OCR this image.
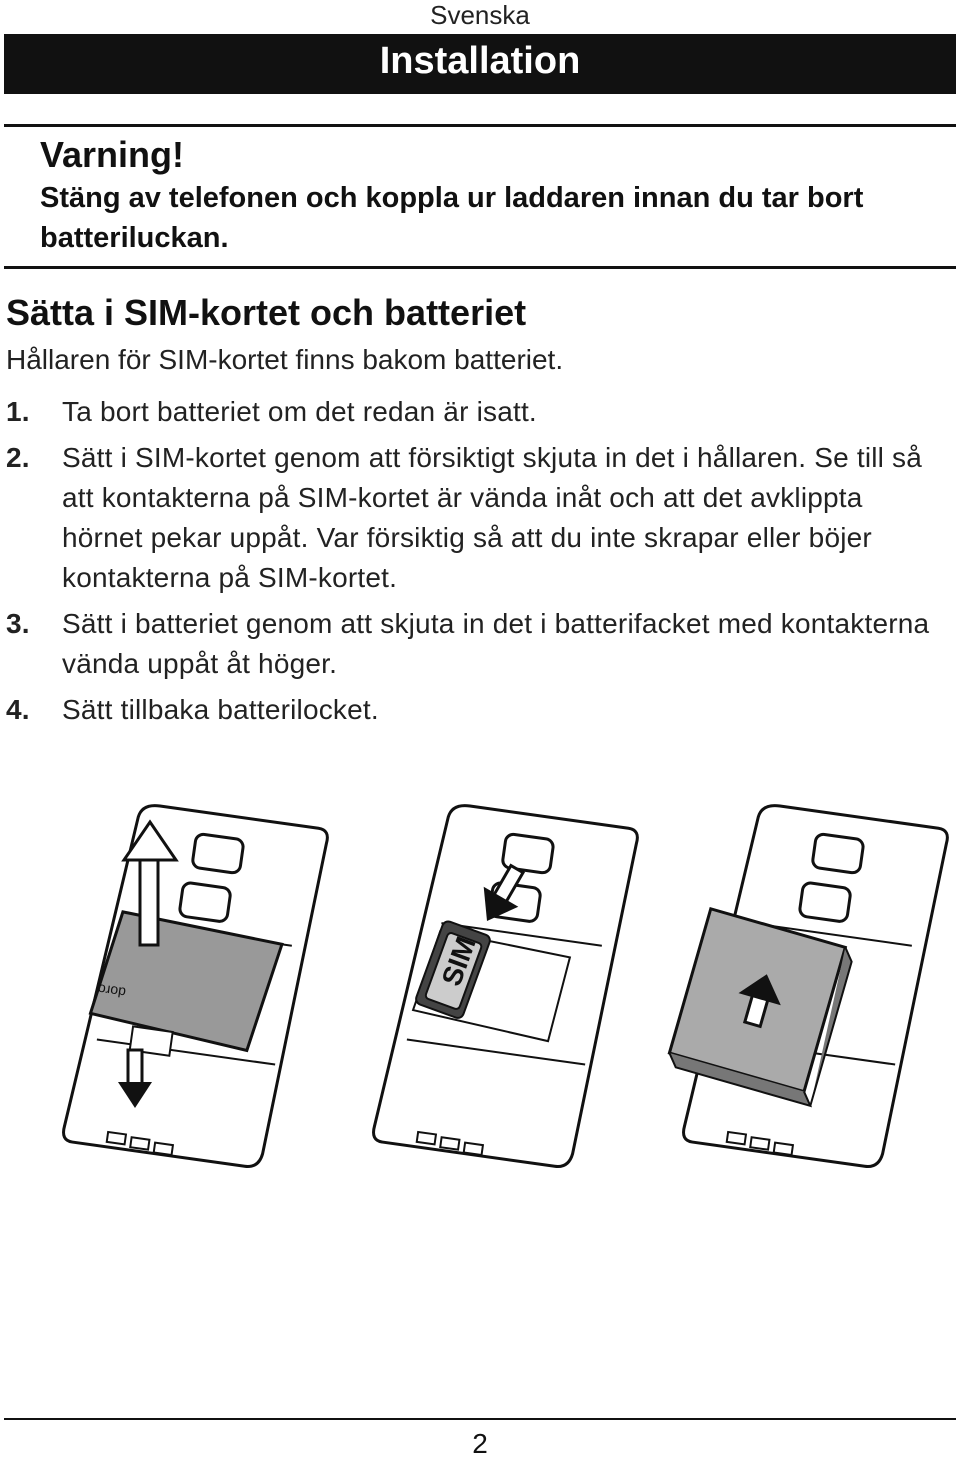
Svenska
Installation
Varning!
Stäng av telefonen och koppla ur laddaren innan du tar bort batteriluckan.
Sätta i SIM-kortet och batteriet
Hållaren för SIM-kortet finns bakom batteriet.
1. Ta bort batteriet om det redan är isatt.
2. Sätt i SIM-kortet genom att försiktigt skjuta in det i hållaren. Se till så att kontakterna på SIM-kortet är vända inåt och att det avklippta hörnet pekar uppåt. Var försiktig så att du inte skrapar eller böjer kontakterna på SIM-kortet.
3. Sätt i batteriet genom att skjuta in det i batterifacket med kontakterna vända uppåt åt höger.
4. Sätt tillbaka batterilocket.
doro
SIM
2
